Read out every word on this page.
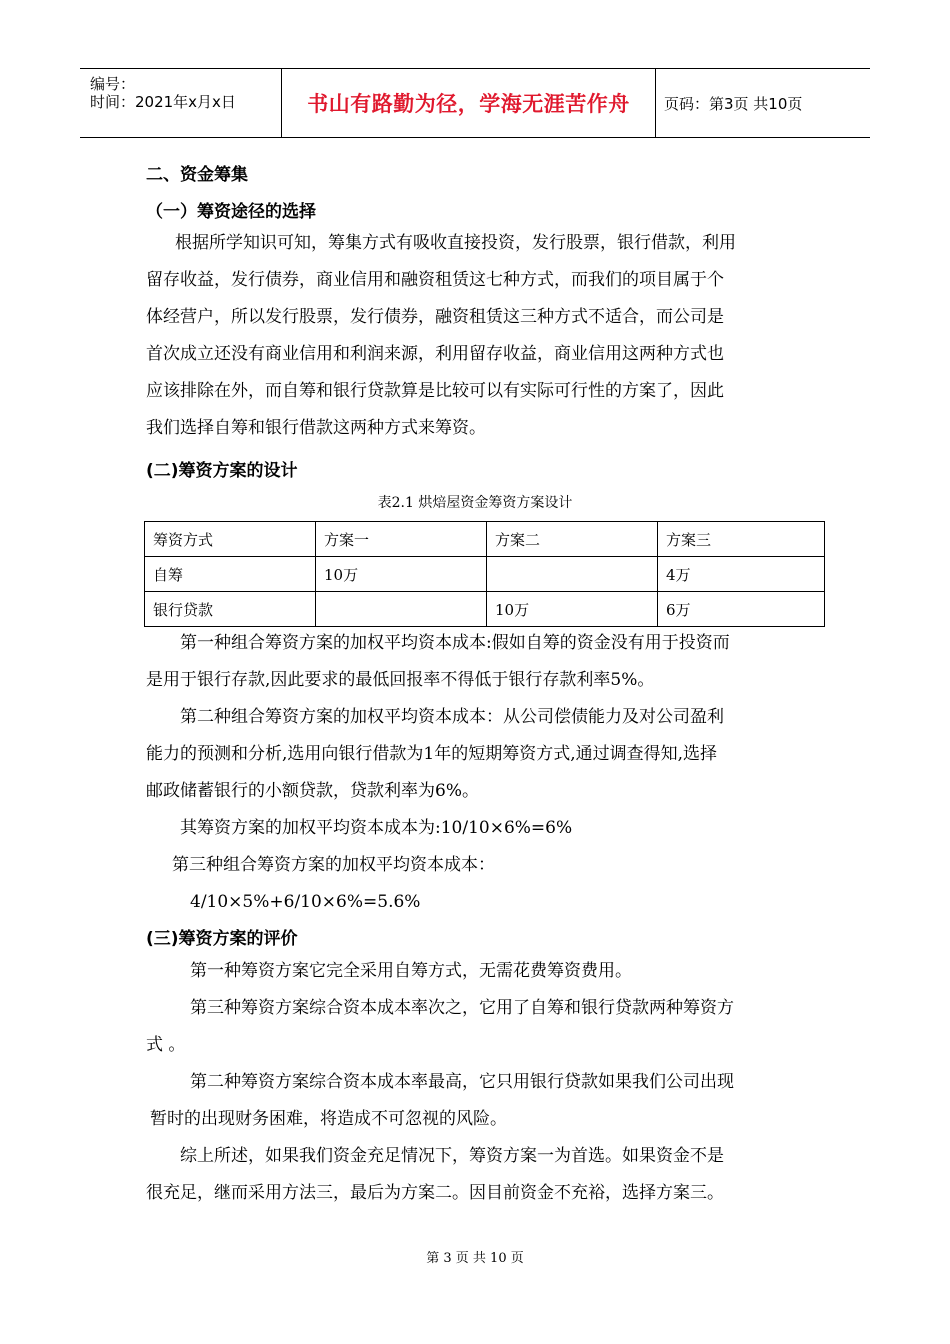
编号：
时间：2021年x月x日	书山有路勤为径，学海无涯苦作舟	页码：第3页 共10页
二、资金筹集
（一）筹资途径的选择
根据所学知识可知，筹集方式有吸收直接投资，发行股票，银行借款，利用
留存收益，发行债券，商业信用和融资租赁这七种方式，而我们的项目属于个
体经营户，所以发行股票，发行债券，融资租赁这三种方式不适合，而公司是
首次成立还没有商业信用和利润来源，利用留存收益，商业信用这两种方式也
应该排除在外，而自筹和银行贷款算是比较可以有实际可行性的方案了，因此
我们选择自筹和银行借款这两种方式来筹资。
(二)筹资方案的设计
表2.1 烘焙屋资金筹资方案设计
筹资方式	方案一	方案二	方案三
自筹	10万		4万
银行贷款		10万	6万
第一种组合筹资方案的加权平均资本成本:假如自筹的资金没有用于投资而
是用于银行存款,因此要求的最低回报率不得低于银行存款利率5%。
第二种组合筹资方案的加权平均资本成本：从公司偿债能力及对公司盈利
能力的预测和分析,选用向银行借款为1年的短期筹资方式,通过调查得知,选择
邮政储蓄银行的小额贷款，贷款利率为6%。
其筹资方案的加权平均资本成本为:10/10×6%=6%
第三种组合筹资方案的加权平均资本成本：
4/10×5%+6/10×6%=5.6%
(三)筹资方案的评价
第一种筹资方案它完全采用自筹方式，无需花费筹资费用。
第三种筹资方案综合资本成本率次之，它用了自筹和银行贷款两种筹资方
式 。
第二种筹资方案综合资本成本率最高，它只用银行贷款如果我们公司出现
暂时的出现财务困难，将造成不可忽视的风险。
综上所述，如果我们资金充足情况下，筹资方案一为首选。如果资金不是
很充足，继而采用方法三，最后为方案二。因目前资金不充裕，选择方案三。
第 3 页 共 10 页
